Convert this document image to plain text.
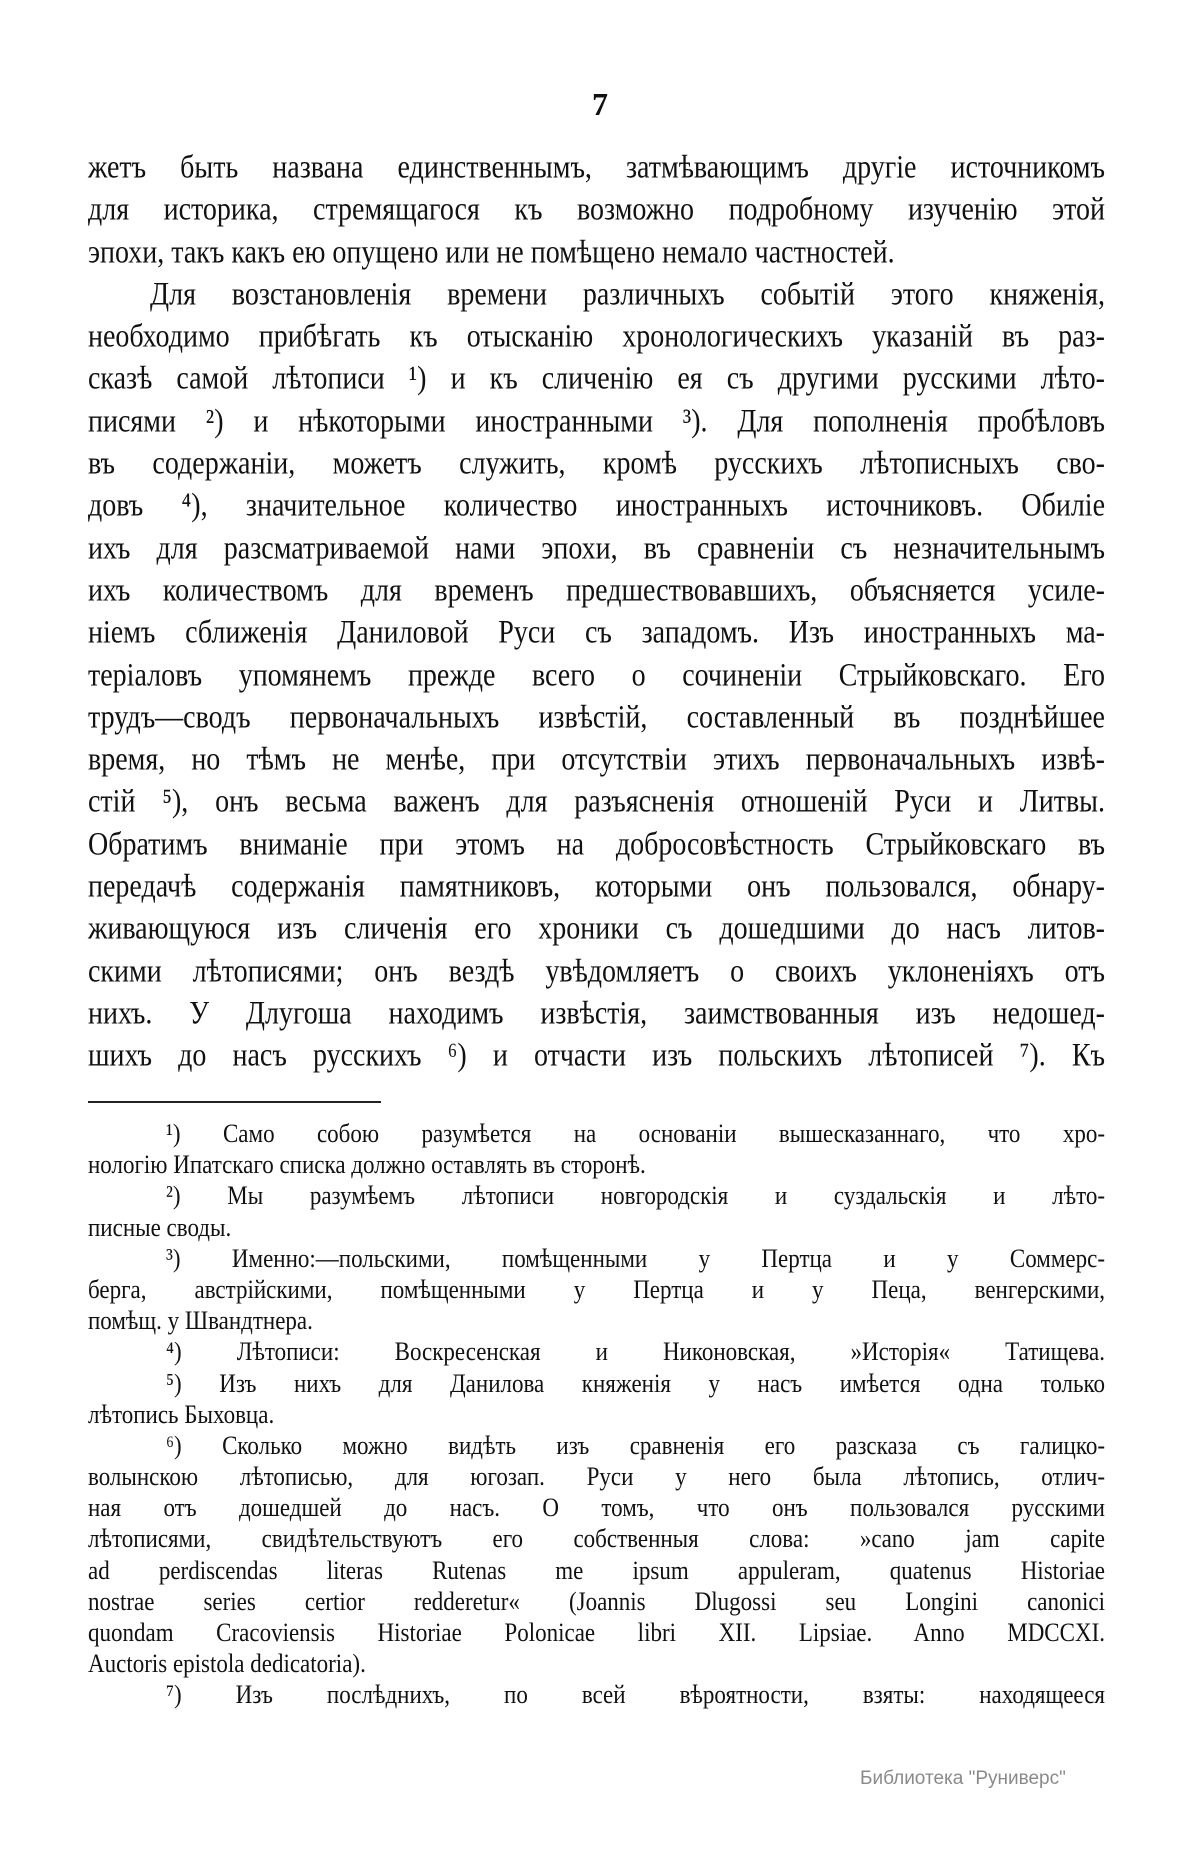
7
жетъ быть названа единственнымъ, затмѣвающимъ другіе источникомъ
для историка, стремящагося къ возможно подробному изученію этой
эпохи, такъ какъ ею опущено или не помѣщено немало частностей.
Для возстановленія времени различныхъ событій этого княженія,
необходимо прибѣгать къ отысканію хронологическихъ указаній въ раз-
сказѣ самой лѣтописи ¹) и къ сличенію ея съ другими русскими лѣто-
писями ²) и нѣкоторыми иностранными ³). Для пополненія пробѣловъ
въ содержаніи, можетъ служить, кромѣ русскихъ лѣтописныхъ сво-
довъ ⁴), значительное количество иностранныхъ источниковъ. Обиліе
ихъ для разсматриваемой нами эпохи, въ сравненіи съ незначительнымъ
ихъ количествомъ для временъ предшествовавшихъ, объясняется усиле-
ніемъ сближенія Даниловой Руси съ западомъ. Изъ иностранныхъ ма-
теріаловъ упомянемъ прежде всего о сочиненіи Стрыйковскаго. Его
трудъ—сводъ первоначальныхъ извѣстій, составленный въ позднѣйшее
время, но тѣмъ не менѣе, при отсутствіи этихъ первоначальныхъ извѣ-
стій ⁵), онъ весьма важенъ для разъясненія отношеній Руси и Литвы.
Обратимъ вниманіе при этомъ на добросовѣстность Стрыйковскаго въ
передачѣ содержанія памятниковъ, которыми онъ пользовался, обнару-
живающуюся изъ сличенія его хроники съ дошедшими до насъ литов-
скими лѣтописями; онъ вездѣ увѣдомляетъ о своихъ уклоненіяхъ отъ
нихъ. У Длугоша находимъ извѣстія, заимствованныя изъ недошед-
шихъ до насъ русскихъ ⁶) и отчасти изъ польскихъ лѣтописей ⁷). Къ
¹) Само собою разумѣется на основаніи вышесказаннаго, что хро-
нологію Ипатскаго списка должно оставлять въ сторонѣ.
²) Мы разумѣемъ лѣтописи новгородскія и суздальскія и лѣто-
писные своды.
³) Именно:—польскими, помѣщенными у Пертца и у Соммерс-
берга, австрійскими, помѣщенными у Пертца и у Пеца, венгерскими,
помѣщ. у Швандтнера.
⁴) Лѣтописи: Воскресенская и Никоновская, »Исторія« Татищева.
⁵) Изъ нихъ для Данилова княженія у насъ имѣется одна только
лѣтопись Быховца.
⁶) Сколько можно видѣть изъ сравненія его разсказа съ галицко-
волынскою лѣтописью, для югозап. Руси у него была лѣтопись, отлич-
ная отъ дошедшей до насъ. О томъ, что онъ пользовался русскими
лѣтописями, свидѣтельствуютъ его собственныя слова: »cano jam capite
ad perdiscendas literas Rutenas me ipsum appuleram, quatenus Historiae
nostrae series certior redderetur« (Joannis Dlugossi seu Longini canonici
quondam Cracoviensis Historiae Polonicae libri XII. Lipsiae. Anno MDCCXI.
Auctoris epistola dedicatoria).
⁷) Изъ послѣднихъ, по всей вѣроятности, взяты: находящееся
Библиотека "Руниверс"
